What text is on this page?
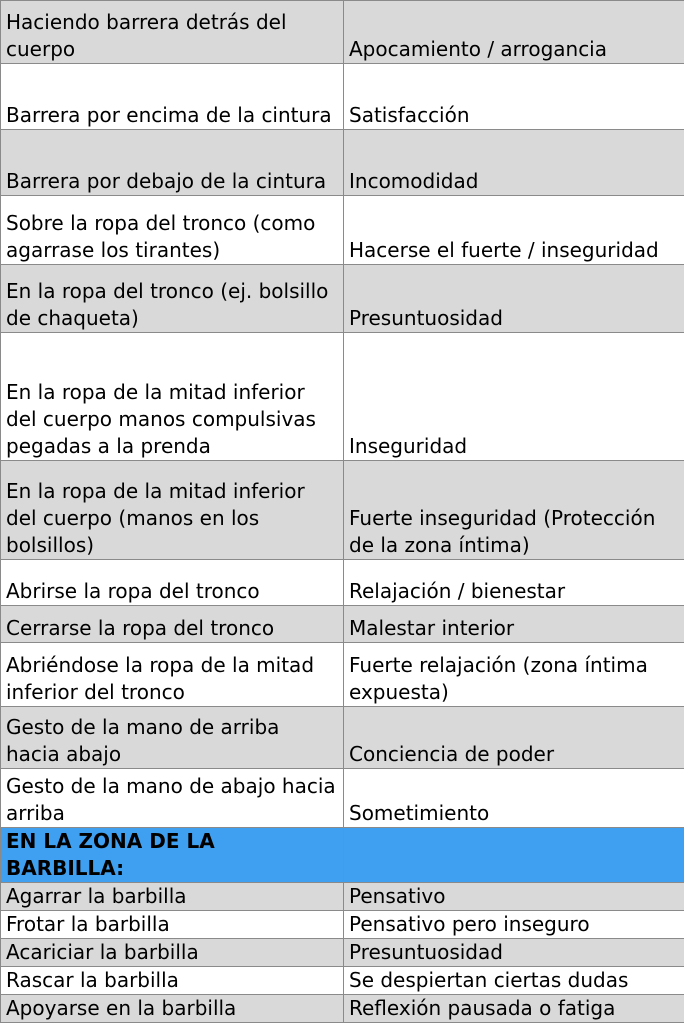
Haciendo barrera detrás del cuerpo	Apocamiento / arrogancia
Barrera por encima de la cintura	Satisfacción
Barrera por debajo de la cintura	Incomodidad
Sobre la ropa del tronco (como agarrase los tirantes)	Hacerse el fuerte / inseguridad
En la ropa del tronco (ej. bolsillo de chaqueta)	Presuntuosidad
En la ropa de la mitad inferior del cuerpo manos compulsivas pegadas a la prenda	Inseguridad
En la ropa de la mitad inferior del cuerpo (manos en los bolsillos)	Fuerte inseguridad (Protección de la zona íntima)
Abrirse la ropa del tronco	Relajación / bienestar
Cerrarse la ropa del tronco	Malestar interior
Abriéndose la ropa de la mitad inferior del tronco	Fuerte relajación (zona íntima expuesta)
Gesto de la mano de arriba hacia abajo	Conciencia de poder
Gesto de la mano de abajo hacia arriba	Sometimiento
EN LA ZONA DE LA BARBILLA:	
Agarrar la barbilla	Pensativo
Frotar la barbilla	Pensativo pero inseguro
Acariciar la barbilla	Presuntuosidad
Rascar la barbilla	Se despiertan ciertas dudas
Apoyarse en la barbilla	Reflexión pausada o fatiga
